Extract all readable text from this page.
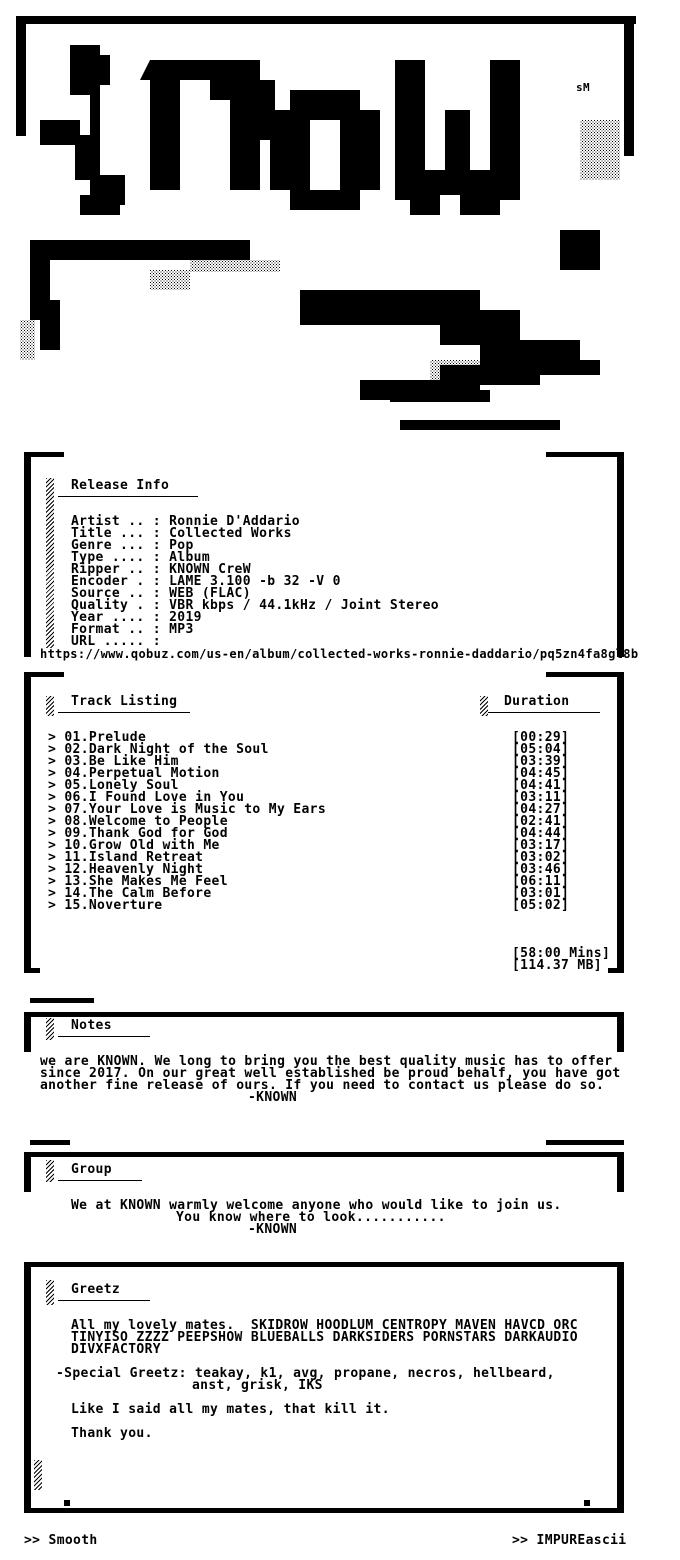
sM
Release Info
Artist .. : Ronnie D'Addario
Title ... : Collected Works
Genre ... : Pop
Type .... : Album
Ripper .. : KNOWN CreW
Encoder . : LAME 3.100 -b 32 -V 0
Source .. : WEB (FLAC)
Quality . : VBR kbps / 44.1kHz / Joint Stereo
Year .... : 2019
Format .. : MP3
URL ..... :
https://www.qobuz.com/us-en/album/collected-works-ronnie-daddario/pq5zn4fa8gl8b
Track Listing	Duration
> 01.Prelude	[00:29]
> 02.Dark Night of the Soul	[05:04]
> 03.Be Like Him	[03:39]
> 04.Perpetual Motion	[04:45]
> 05.Lonely Soul	[04:41]
> 06.I Found Love in You	[03:11]
> 07.Your Love is Music to My Ears	[04:27]
> 08.Welcome to People	[02:41]
> 09.Thank God for God	[04:44]
> 10.Grow Old with Me	[03:17]
> 11.Island Retreat	[03:02]
> 12.Heavenly Night	[03:46]
> 13.She Makes Me Feel	[06:11]
> 14.The Calm Before	[03:01]
> 15.Noverture	[05:02]
[58:00 Mins]
[114.37 MB]
Notes
we are KNOWN. We long to bring you the best quality music has to offer
since 2017. On our great well established be proud behalf, you have got
another fine release of ours. If you need to contact us please do so.
-KNOWN
Group
We at KNOWN warmly welcome anyone who would like to join us.
You know where to look...........
-KNOWN
Greetz
All my lovely mates.  SKIDROW HOODLUM CENTROPY MAVEN HAVCD ORC
TINYISO ZZZZ PEEPSHOW BLUEBALLS DARKSIDERS PORNSTARS DARKAUDIO
DIVXFACTORY
-Special Greetz: teakay, k1, avg, propane, necros, hellbeard,
anst, grisk, IKS
Like I said all my mates, that kill it.
Thank you.
>> Smooth	>> IMPUREascii
